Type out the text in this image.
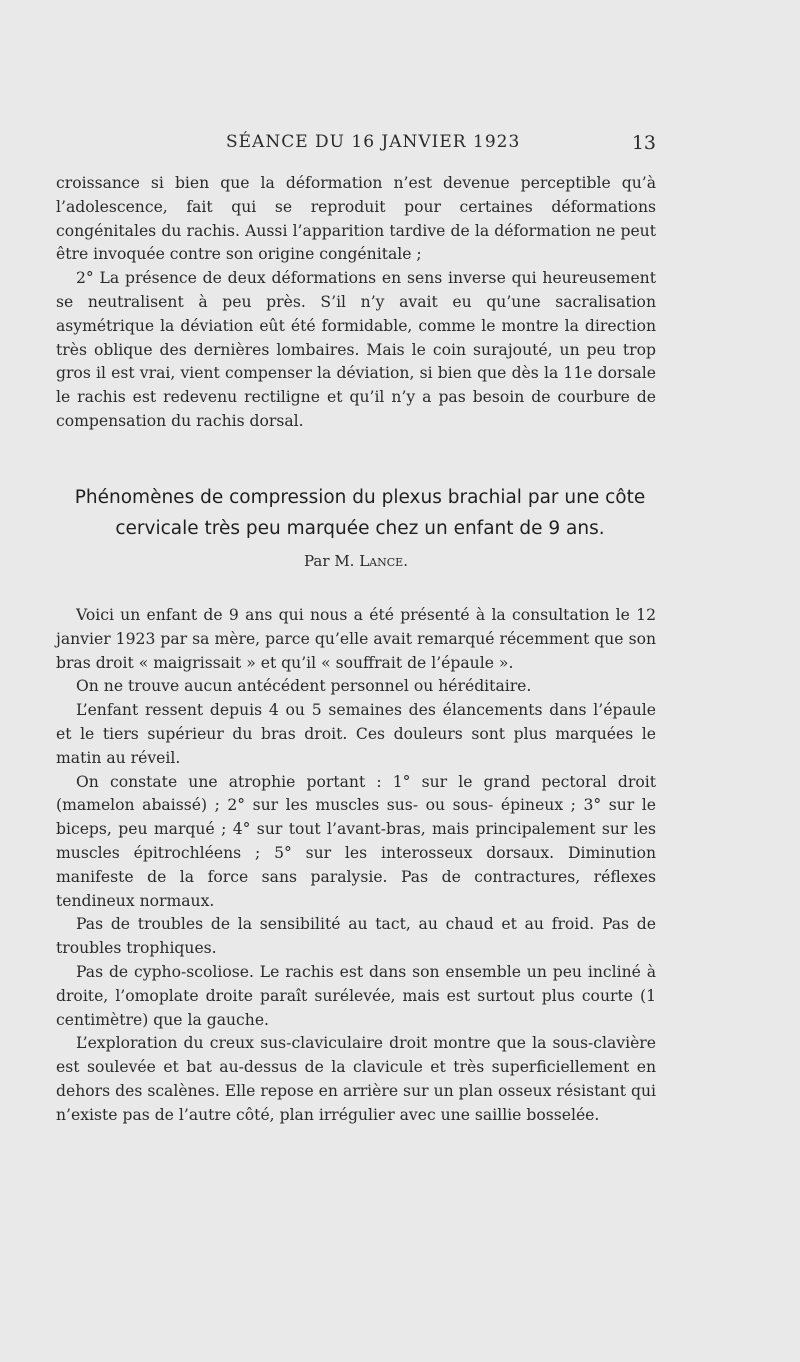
SÉANCE DU 16 JANVIER 1923	13

croissance si bien que la déformation n’est devenue perceptible qu’à l’adolescence, fait qui se reproduit pour certaines déformations congénitales du rachis. Aussi l’apparition tardive de la déformation ne peut être invoquée contre son origine congénitale ;

2° La présence de deux déformations en sens inverse qui heureusement se neutralisent à peu près. S’il n’y avait eu qu’une sacralisation asymétrique la déviation eût été formidable, comme le montre la direction très oblique des dernières lombaires. Mais le coin surajouté, un peu trop gros il est vrai, vient compenser la déviation, si bien que dès la 11e dorsale le rachis est redevenu rectiligne et qu’il n’y a pas besoin de courbure de compensation du rachis dorsal.

Phénomènes de compression du plexus brachial par une côte cervicale très peu marquée chez un enfant de 9 ans.
Par M. Lance.

Voici un enfant de 9 ans qui nous a été présenté à la consultation le 12 janvier 1923 par sa mère, parce qu’elle avait remarqué récemment que son bras droit « maigrissait » et qu’il « souffrait de l’épaule ».

On ne trouve aucun antécédent personnel ou héréditaire.

L’enfant ressent depuis 4 ou 5 semaines des élancements dans l’épaule et le tiers supérieur du bras droit. Ces douleurs sont plus marquées le matin au réveil.

On constate une atrophie portant : 1° sur le grand pectoral droit (mamelon abaissé) ; 2° sur les muscles sus- ou sous- épineux ; 3° sur le biceps, peu marqué ; 4° sur tout l’avant-bras, mais principalement sur les muscles épitrochléens ; 5° sur les interosseux dorsaux. Diminution manifeste de la force sans paralysie. Pas de contractures, réflexes tendineux normaux.

Pas de troubles de la sensibilité au tact, au chaud et au froid. Pas de troubles trophiques.

Pas de cypho-scoliose. Le rachis est dans son ensemble un peu incliné à droite, l’omoplate droite paraît surélevée, mais est surtout plus courte (1 centimètre) que la gauche.

L’exploration du creux sus-claviculaire droit montre que la sous-clavière est soulevée et bat au-dessus de la clavicule et très superficiellement en dehors des scalènes. Elle repose en arrière sur un plan osseux résistant qui n’existe pas de l’autre côté, plan irrégulier avec une saillie bosselée.
